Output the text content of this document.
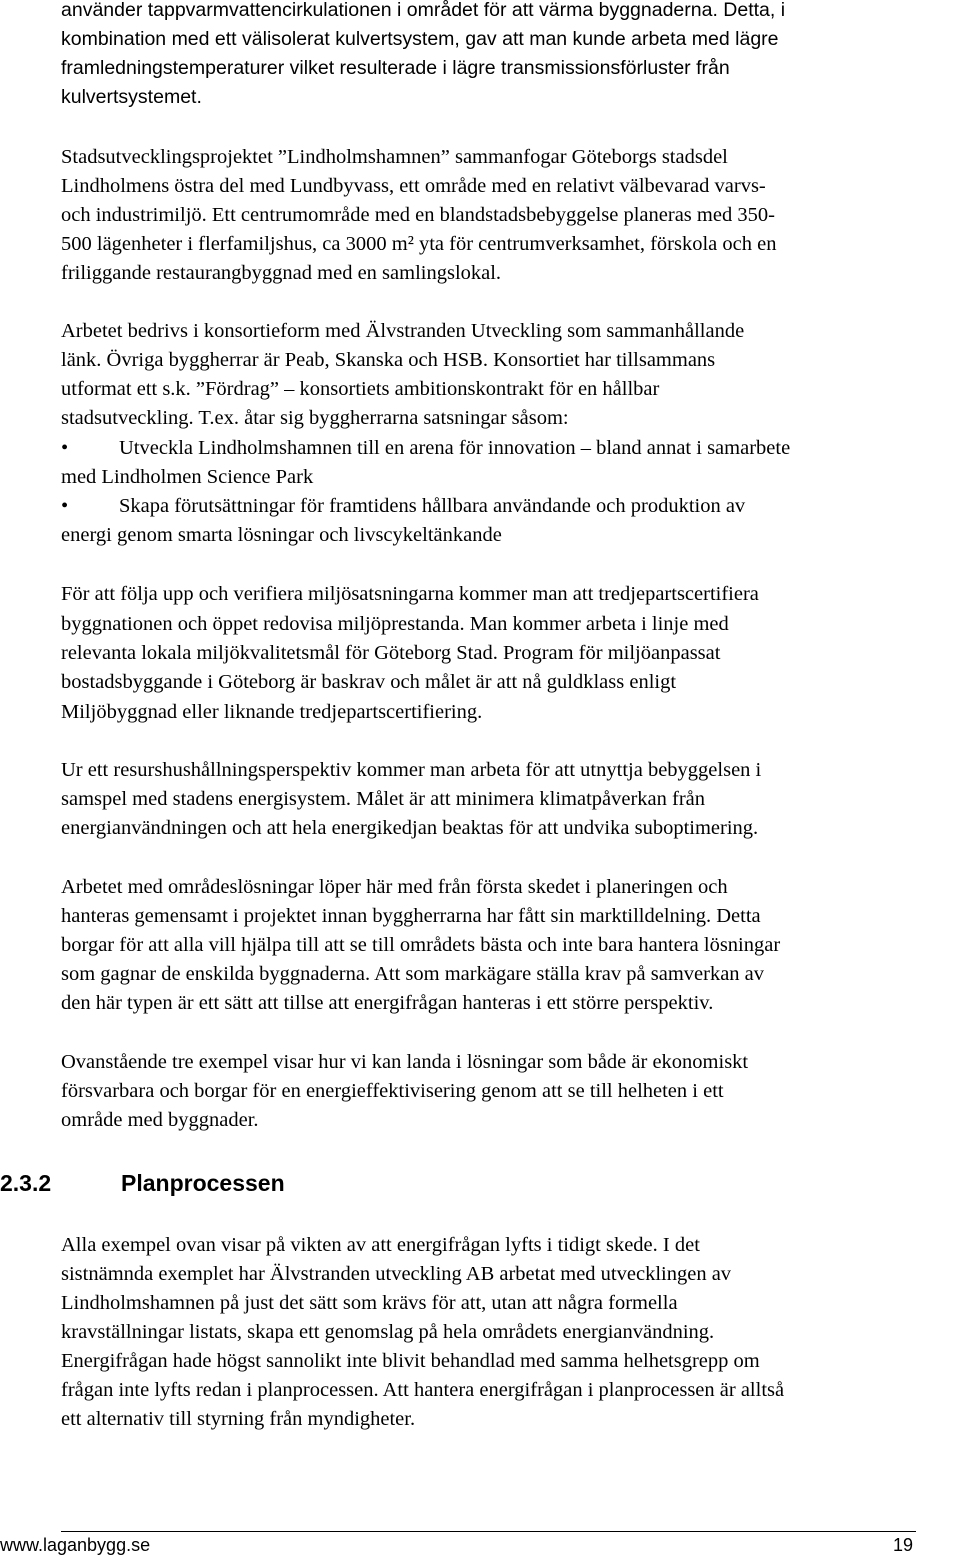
använder tappvarmvattencirkulationen i området för att värma byggnaderna. Detta, i
kombination med ett välisolerat kulvertsystem, gav att man kunde arbeta med lägre
framledningstemperaturer vilket resulterade i lägre transmissionsförluster från
kulvertsystemet.
Stadsutvecklingsprojektet ”Lindholmshamnen” sammanfogar Göteborgs stadsdel
Lindholmens östra del med Lundbyvass, ett område med en relativt välbevarad varvs-
och industrimiljö. Ett centrumområde med en blandstadsbebyggelse planeras med 350-
500 lägenheter i flerfamiljshus, ca 3000 m² yta för centrumverksamhet, förskola och en
friliggande restaurangbyggnad med en samlingslokal.
Arbetet bedrivs i konsortieform med Älvstranden Utveckling som sammanhållande
länk. Övriga byggherrar är Peab, Skanska och HSB. Konsortiet har tillsammans
utformat ett s.k. ”Fördrag” – konsortiets ambitionskontrakt för en hållbar
stadsutveckling. T.ex. åtar sig byggherrarna satsningar såsom:
• Utveckla Lindholmshamnen till en arena för innovation – bland annat i samarbete
med Lindholmen Science Park
• Skapa förutsättningar för framtidens hållbara användande och produktion av
energi genom smarta lösningar och livscykeltänkande
För att följa upp och verifiera miljösatsningarna kommer man att tredjepartscertifiera
byggnationen och öppet redovisa miljöprestanda. Man kommer arbeta i linje med
relevanta lokala miljökvalitetsmål för Göteborg Stad. Program för miljöanpassat
bostadsbyggande i Göteborg är baskrav och målet är att nå guldklass enligt
Miljöbyggnad eller liknande tredjepartscertifiering.
Ur ett resurshushållningsperspektiv kommer man arbeta för att utnyttja bebyggelsen i
samspel med stadens energisystem. Målet är att minimera klimatpåverkan från
energianvändningen och att hela energikedjan beaktas för att undvika suboptimering.
Arbetet med områdeslösningar löper här med från första skedet i planeringen och
hanteras gemensamt i projektet innan byggherrarna har fått sin marktilldelning. Detta
borgar för att alla vill hjälpa till att se till områdets bästa och inte bara hantera lösningar
som gagnar de enskilda byggnaderna. Att som markägare ställa krav på samverkan av
den här typen är ett sätt att tillse att energifrågan hanteras i ett större perspektiv.
Ovanstående tre exempel visar hur vi kan landa i lösningar som både är ekonomiskt
försvarbara och borgar för en energieffektivisering genom att se till helheten i ett
område med byggnader.
2.3.2	Planprocessen
Alla exempel ovan visar på vikten av att energifrågan lyfts i tidigt skede. I det
sistnämnda exemplet har Älvstranden utveckling AB arbetat med utvecklingen av
Lindholmshamnen på just det sätt som krävs för att, utan att några formella
kravställningar listats, skapa ett genomslag på hela områdets energianvändning.
Energifrågan hade högst sannolikt inte blivit behandlad med samma helhetsgrepp om
frågan inte lyfts redan i planprocessen. Att hantera energifrågan i planprocessen är alltså
ett alternativ till styrning från myndigheter.
www.laganbygg.se	19
